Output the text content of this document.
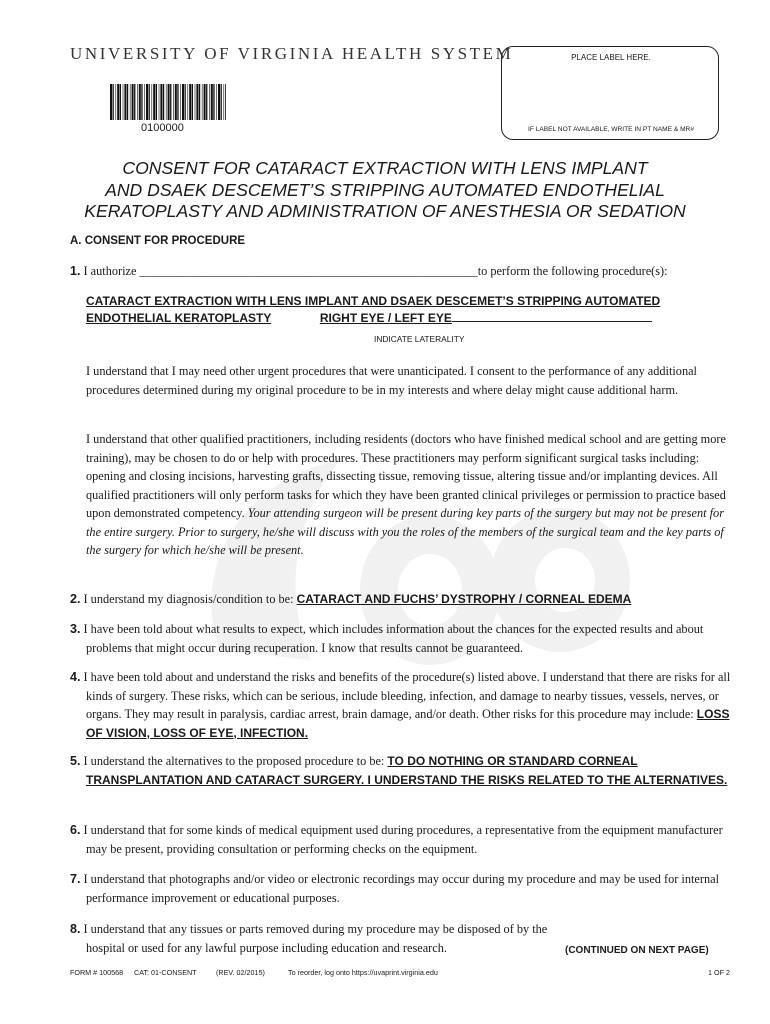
UNIVERSITY OF VIRGINIA HEALTH SYSTEM
0100000
PLACE LABEL HERE.
IF LABEL NOT AVAILABLE, WRITE IN PT NAME & MR#
CONSENT FOR CATARACT EXTRACTION WITH LENS IMPLANT
AND DSAEK DESCEMET’S STRIPPING AUTOMATED ENDOTHELIAL
KERATOPLASTY AND ADMINISTRATION OF ANESTHESIA OR SEDATION
A. CONSENT FOR PROCEDURE
1. I authorize _______________________________________________________to perform the following procedure(s):
CATARACT EXTRACTION WITH LENS IMPLANT AND DSAEK DESCEMET’S STRIPPING AUTOMATED
ENDOTHELIAL KERATOPLASTY	RIGHT EYE / LEFT EYE
INDICATE LATERALITY
I understand that I may need other urgent procedures that were unanticipated. I consent to the performance of any additional procedures determined during my original procedure to be in my interests and where delay might cause additional harm.
I understand that other qualified practitioners, including residents (doctors who have finished medical school and are getting more training), may be chosen to do or help with procedures. These practitioners may perform significant surgical tasks including: opening and closing incisions, harvesting grafts, dissecting tissue, removing tissue, altering tissue and/or implanting devices. All qualified practitioners will only perform tasks for which they have been granted clinical privileges or permission to practice based upon demonstrated competency. Your attending surgeon will be present during key parts of the surgery but may not be present for the entire surgery. Prior to surgery, he/she will discuss with you the roles of the members of the surgical team and the key parts of the surgery for which he/she will be present.
2. I understand my diagnosis/condition to be: CATARACT AND FUCHS’ DYSTROPHY / CORNEAL EDEMA
3. I have been told about what results to expect, which includes information about the chances for the expected results and about problems that might occur during recuperation. I know that results cannot be guaranteed.
4. I have been told about and understand the risks and benefits of the procedure(s) listed above. I understand that there are risks for all kinds of surgery. These risks, which can be serious, include bleeding, infection, and damage to nearby tissues, vessels, nerves, or organs. They may result in paralysis, cardiac arrest, brain damage, and/or death. Other risks for this procedure may include: LOSS OF VISION, LOSS OF EYE, INFECTION.
5. I understand the alternatives to the proposed procedure to be: TO DO NOTHING OR STANDARD CORNEAL TRANSPLANTATION AND CATARACT SURGERY. I UNDERSTAND THE RISKS RELATED TO THE ALTERNATIVES.
6. I understand that for some kinds of medical equipment used during procedures, a representative from the equipment manufacturer may be present, providing consultation or performing checks on the equipment.
7. I understand that photographs and/or video or electronic recordings may occur during my procedure and may be used for internal performance improvement or educational purposes.
8. I understand that any tissues or parts removed during my procedure may be disposed of by the hospital or used for any lawful purpose including education and research.	(CONTINUED ON NEXT PAGE)
FORM # 100568 CAT: 01-CONSENT	(REV. 02/2015)	To reorder, log onto https://uvaprint.virginia.edu	1 OF 2
